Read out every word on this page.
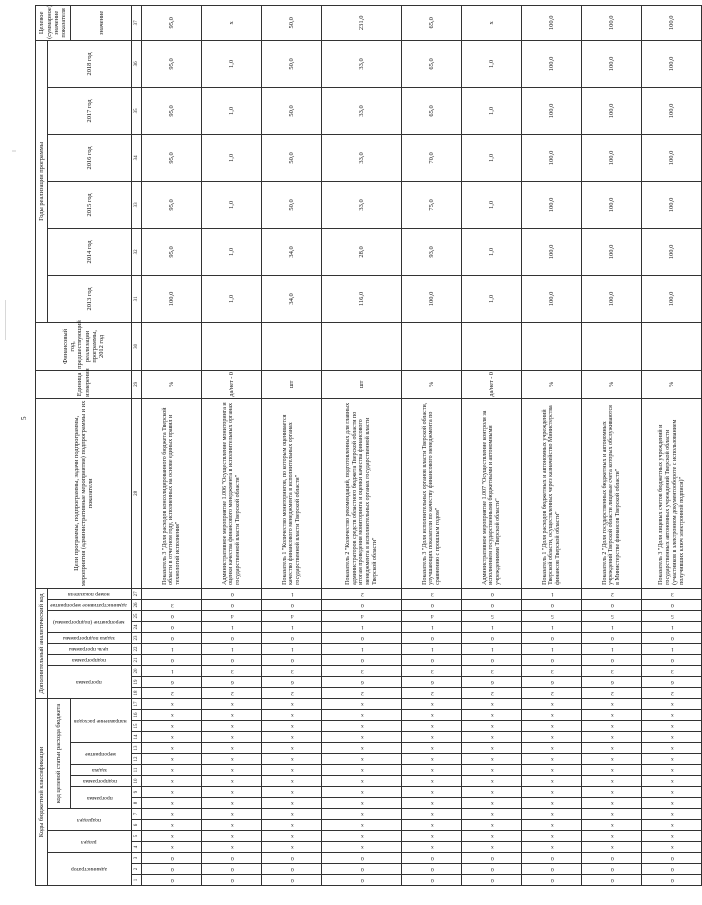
5
Коды бюджетной классификации																	Дополнительный аналитический код										Цели программы, подпрограммы, задачи подпрограммы, мероприятия (административные мероприятия) подпрограммы и их показатели	Единица измерения	Финансовый год, предшествующий реализации программы, 2012 год	Годы реализации программы						Целевое (суммарное) значение показателя
администратор			раздел		подраздел		код целевой статьи расхода бюджета										программа			подпрограмма	цель программы	задача подпрограммы	мероприятие (подпрограммы)		административное мероприятие	номер показателя				2013 год	2014 год	2015 год	2016 год	2017 год	2018 год	
							программа		подпрограмма	задача	мероприятие		направление расходов																							значение
1	2	3	4	5	6	7	8	9	10	11	12	13	14	15	16	17	18	19	20	21	22	23	24	25	26	27	28	29	30	31	32	33	34	35	36	37
0	0	0	x	x	x	x	x	x	x	x	x	x	x	x	x	x	2	6	1	0	1	0	0	0	3		Показатель 3 "Доля расходов консолидированного бюджета Тверской области в отчетном году, исполненных на основе единых правил и технологий исполнения"	%		100,0	95,0	95,0	95,0	95,0	95,0	95,0
0	0	0	x	x	x	x	x	x	x	x	x	x	x	x	x	x	2	6	3	0	1	0	1	4	0	0	Административное мероприятие 1.006 "Осуществление мониторинга и оценки качества финансового менеджмента в исполнительных органах государственной власти Тверской области"	да/нет - 0		1,0	1,0	1,0	1,0	1,0	1,0	x
0	0	0	x	x	x	x	x	x	x	x	x	x	x	x	x	x	2	6	3	0	1	0	1	4	0	1	Показатель 1 "Количество мониторингов, по которым оценивается качество финансового менеджмента в исполнительных органах государственной власти Тверской области"	шт		34,0	34,0	50,0	50,0	50,0	50,0	50,0
0	0	0	x	x	x	x	x	x	x	x	x	x	x	x	x	x	2	6	3	0	1	0	1	4	0	2	Показатель 2 "Количество рекомендаций, подготовленных для главных администраторов средств областного бюджета Тверской области по итогам проведения мониторинга и оценки качества финансового менеджмента в исполнительных органах государственной власти Тверской области"	шт		116,0	28,0	33,0	33,0	33,0	33,0	231,0
0	0	0	x	x	x	x	x	x	x	x	x	x	x	x	x	x	2	6	3	0	1	0	1	4	0	3	Показатель 3 "Доля исполнительных органов власти Тверской области, улучшающих показатели по качеству финансового менеджмента по сравнению с прошлым годом"	%		100,0	93,0	75,0	70,0	65,0	65,0	65,0
0	0	0	x	x	x	x	x	x	x	x	x	x	x	x	x	x	2	6	3	0	1	0	1	5	0	0	Административное мероприятие 1.007 "Осуществление контроля за исполнением государственными бюджетными и автономными учреждениями Тверской области"	да/нет - 0		1,0	1,0	1,0	1,0	1,0	1,0	x
0	0	0	x	x	x	x	x	x	x	x	x	x	x	x	x	x	2	6	3	0	1	0	1	5	0	1	Показатель 1 "Доля расходов бюджетных и автономных учреждений Тверской области, осуществленных через казначейство Министерства финансов Тверской области"	%		100,0	100,0	100,0	100,0	100,0	100,0	100,0
0	0	0	x	x	x	x	x	x	x	x	x	x	x	x	x	x	2	6	3	0	1	0	1	5	0	2	Показатель 2 "Доля государственных бюджетных и автономных учреждений Тверской области лицевые счета которых обслуживаются в Министерстве финансов Тверской области"	%		100,0	100,0	100,0	100,0	100,0	100,0	100,0
0	0	0	x	x	x	x	x	x	x	x	x	x	x	x	x	x	2	6	3	0	1	0	1	5	0	3	Показатель 3 "Доля лицевых счетов бюджетных учреждений и государственных автономных учреждений Тверской области (участников в электронном документообороте с использованием получивших ключ электронной подписи)"	%		100,0	100,0	100,0	100,0	100,0	100,0	100,0
